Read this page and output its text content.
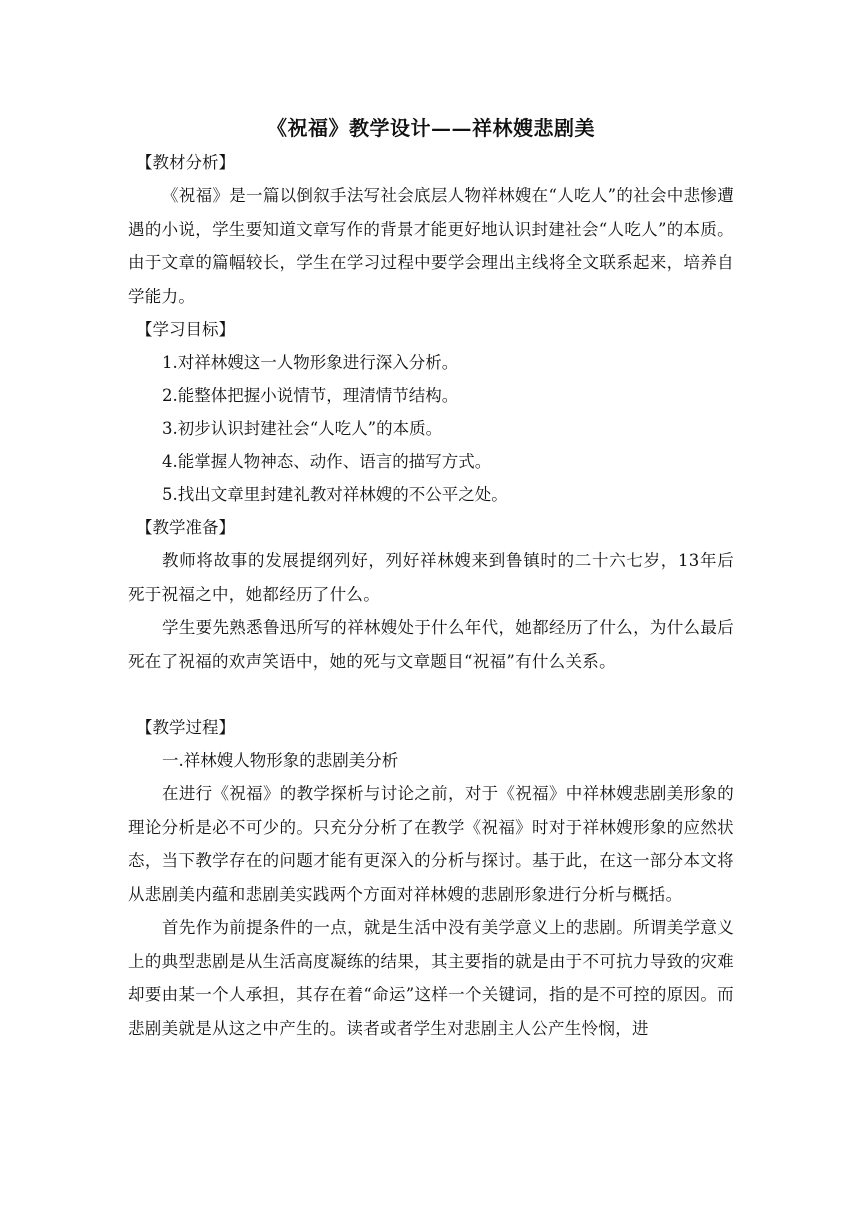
《祝福》教学设计——祥林嫂悲剧美

【教材分析】

《祝福》是一篇以倒叙手法写社会底层人物祥林嫂在“人吃人”的社会中悲惨遭遇的小说，学生要知道文章写作的背景才能更好地认识封建社会“人吃人”的本质。由于文章的篇幅较长，学生在学习过程中要学会理出主线将全文联系起来，培养自学能力。

【学习目标】

1.对祥林嫂这一人物形象进行深入分析。

2.能整体把握小说情节，理清情节结构。

3.初步认识封建社会“人吃人”的本质。

4.能掌握人物神态、动作、语言的描写方式。

5.找出文章里封建礼教对祥林嫂的不公平之处。

【教学准备】

教师将故事的发展提纲列好，列好祥林嫂来到鲁镇时的二十六七岁，13年后死于祝福之中，她都经历了什么。

学生要先熟悉鲁迅所写的祥林嫂处于什么年代，她都经历了什么，为什么最后死在了祝福的欢声笑语中，她的死与文章题目“祝福”有什么关系。

【教学过程】

一.祥林嫂人物形象的悲剧美分析

在进行《祝福》的教学探析与讨论之前，对于《祝福》中祥林嫂悲剧美形象的理论分析是必不可少的。只充分分析了在教学《祝福》时对于祥林嫂形象的应然状态，当下教学存在的问题才能有更深入的分析与探讨。基于此，在这一部分本文将从悲剧美内蕴和悲剧美实践两个方面对祥林嫂的悲剧形象进行分析与概括。

首先作为前提条件的一点，就是生活中没有美学意义上的悲剧。所谓美学意义上的典型悲剧是从生活高度凝练的结果，其主要指的就是由于不可抗力导致的灾难却要由某一个人承担，其存在着“命运”这样一个关键词，指的是不可控的原因。而悲剧美就是从这之中产生的。读者或者学生对悲剧主人公产生怜悯，进
